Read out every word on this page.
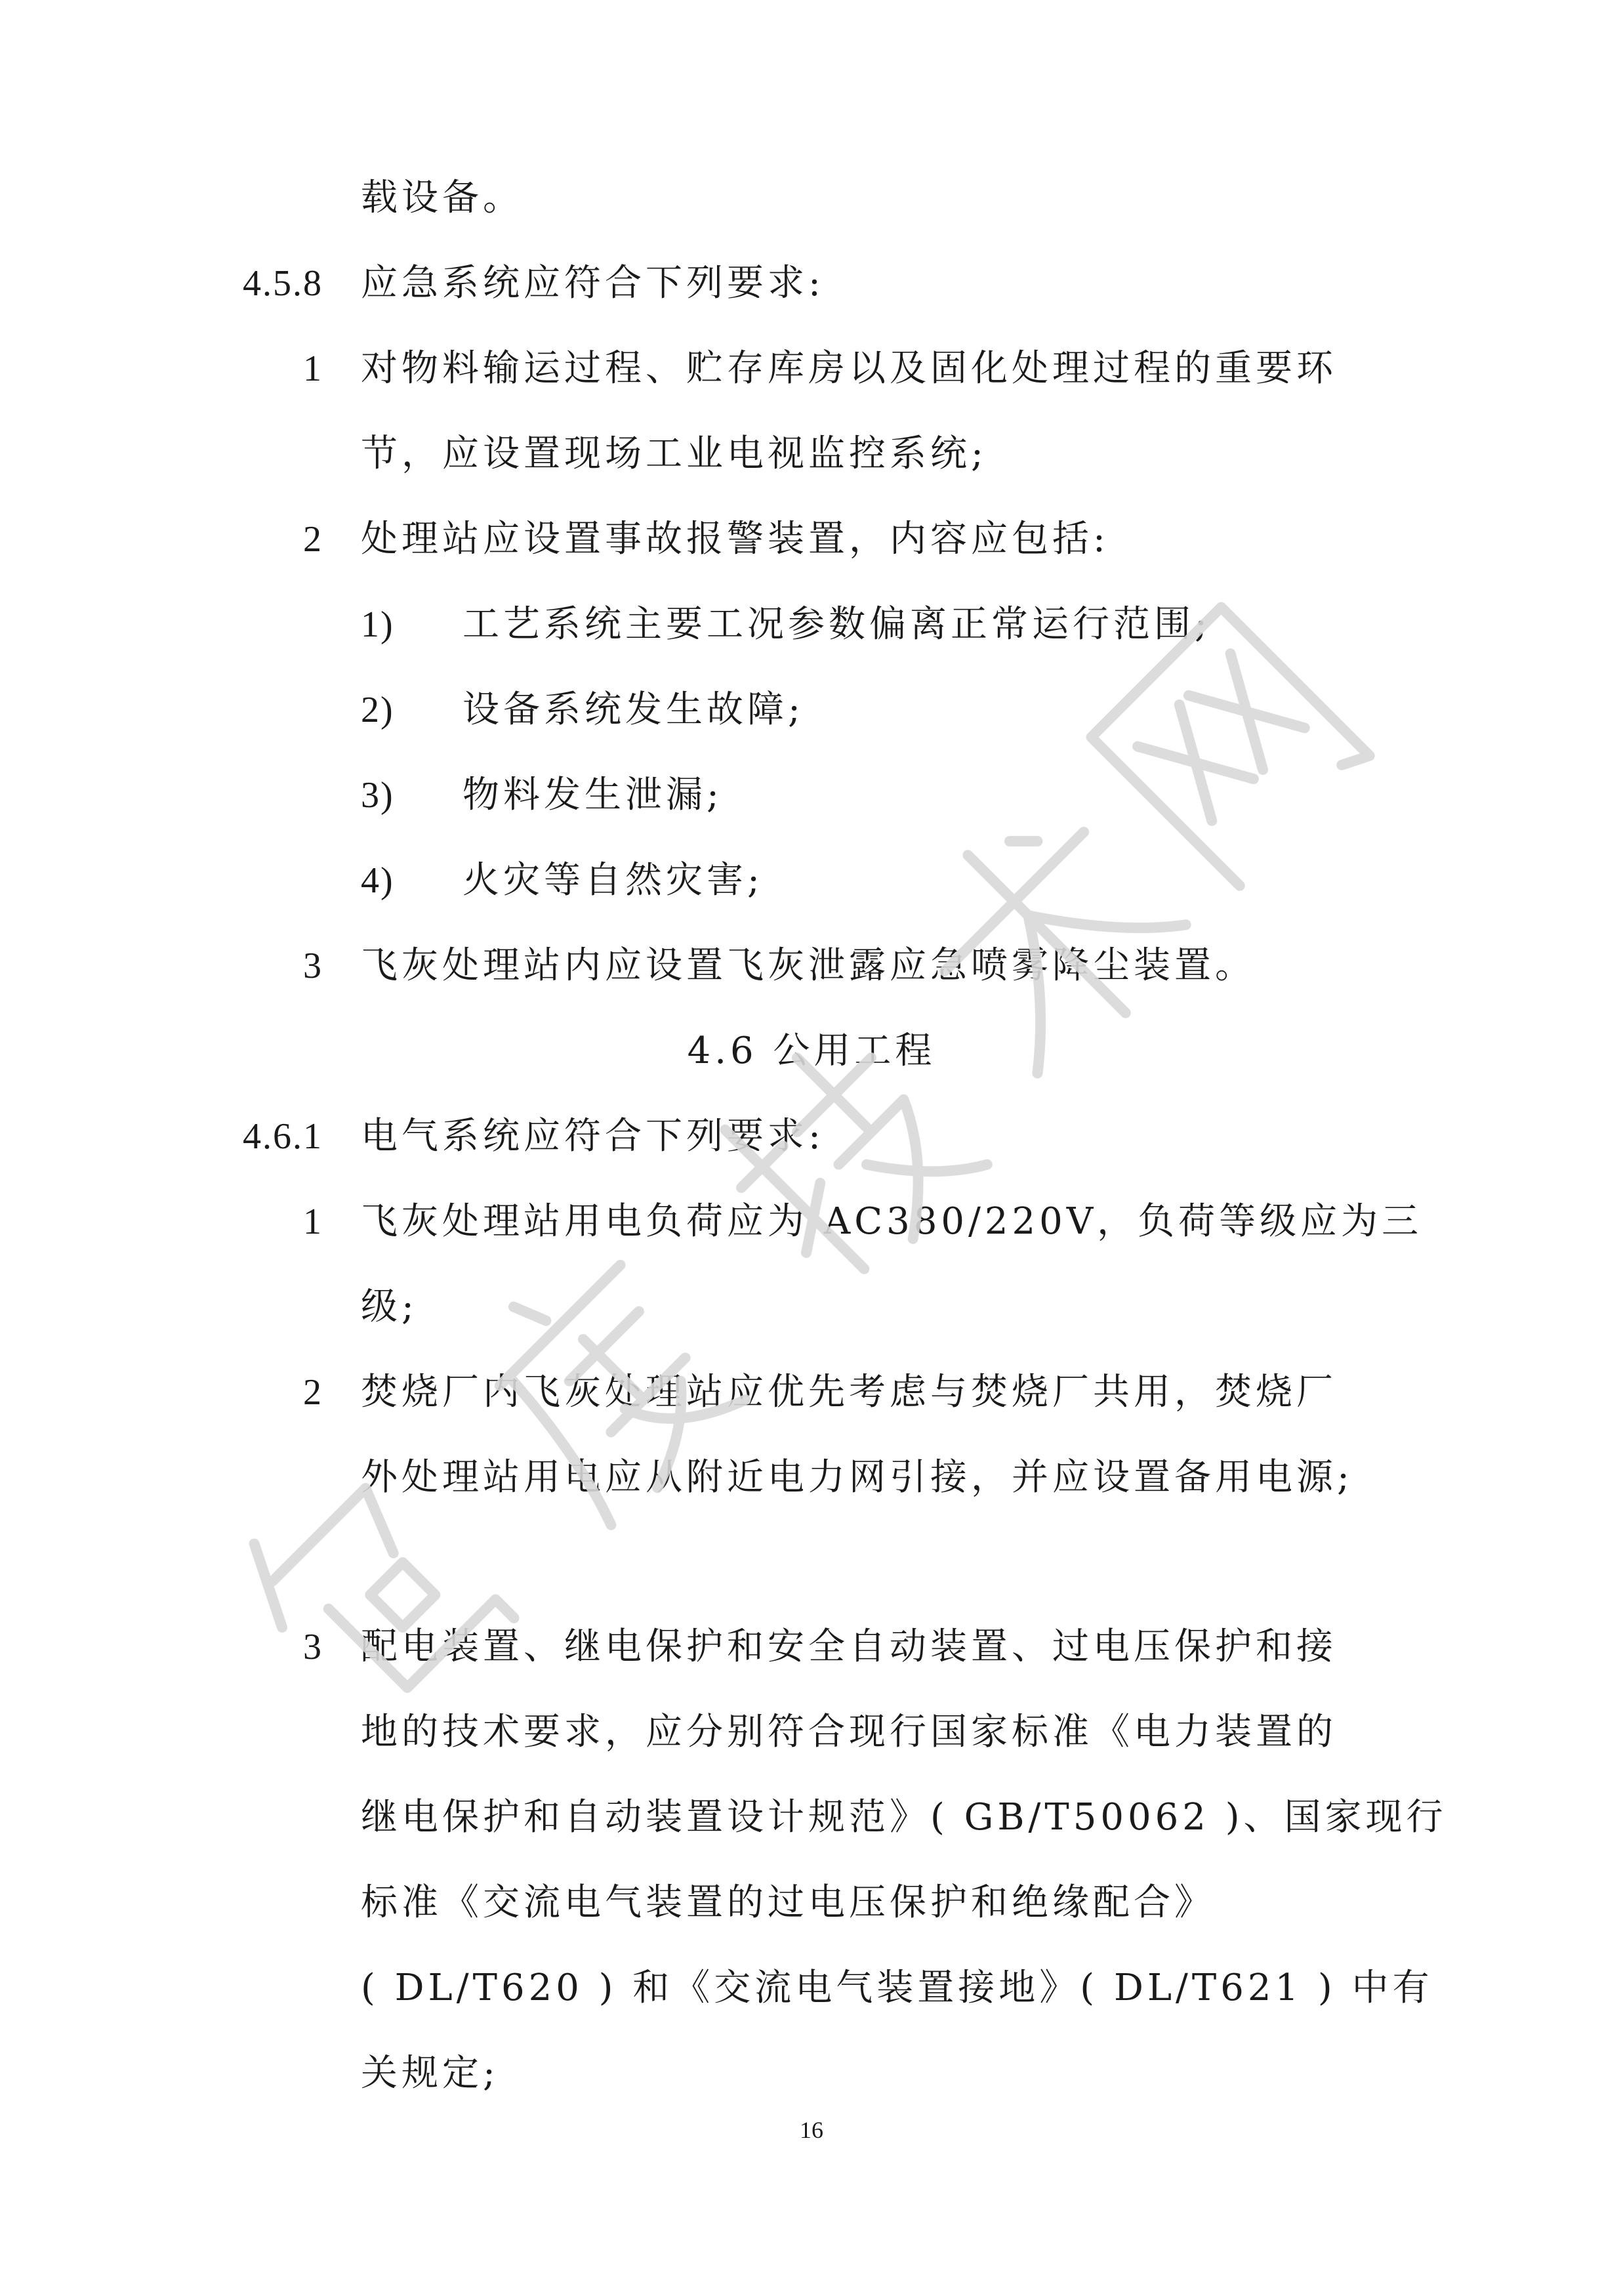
载设备。
4.5.8 应急系统应符合下列要求:
1 对物料输运过程、贮存库房以及固化处理过程的重要环
节，应设置现场工业电视监控系统;
2 处理站应设置事故报警装置，内容应包括:
1) 工艺系统主要工况参数偏离正常运行范围;
2) 设备系统发生故障;
3) 物料发生泄漏;
4) 火灾等自然灾害;
3 飞灰处理站内应设置飞灰泄露应急喷雾降尘装置。
4.6 公用工程
4.6.1 电气系统应符合下列要求:
1 飞灰处理站用电负荷应为 AC380/220V，负荷等级应为三
级;
2 焚烧厂内飞灰处理站应优先考虑与焚烧厂共用，焚烧厂
外处理站用电应从附近电力网引接，并应设置备用电源;
3 配电装置、继电保护和安全自动装置、过电压保护和接
地的技术要求，应分别符合现行国家标准《电力装置的
继电保护和自动装置设计规范》( GB/T50062 )、国家现行
标准《交流电气装置的过电压保护和绝缘配合》
( DL/T620 ) 和《交流电气装置接地》( DL/T621 ) 中有
关规定;
16
